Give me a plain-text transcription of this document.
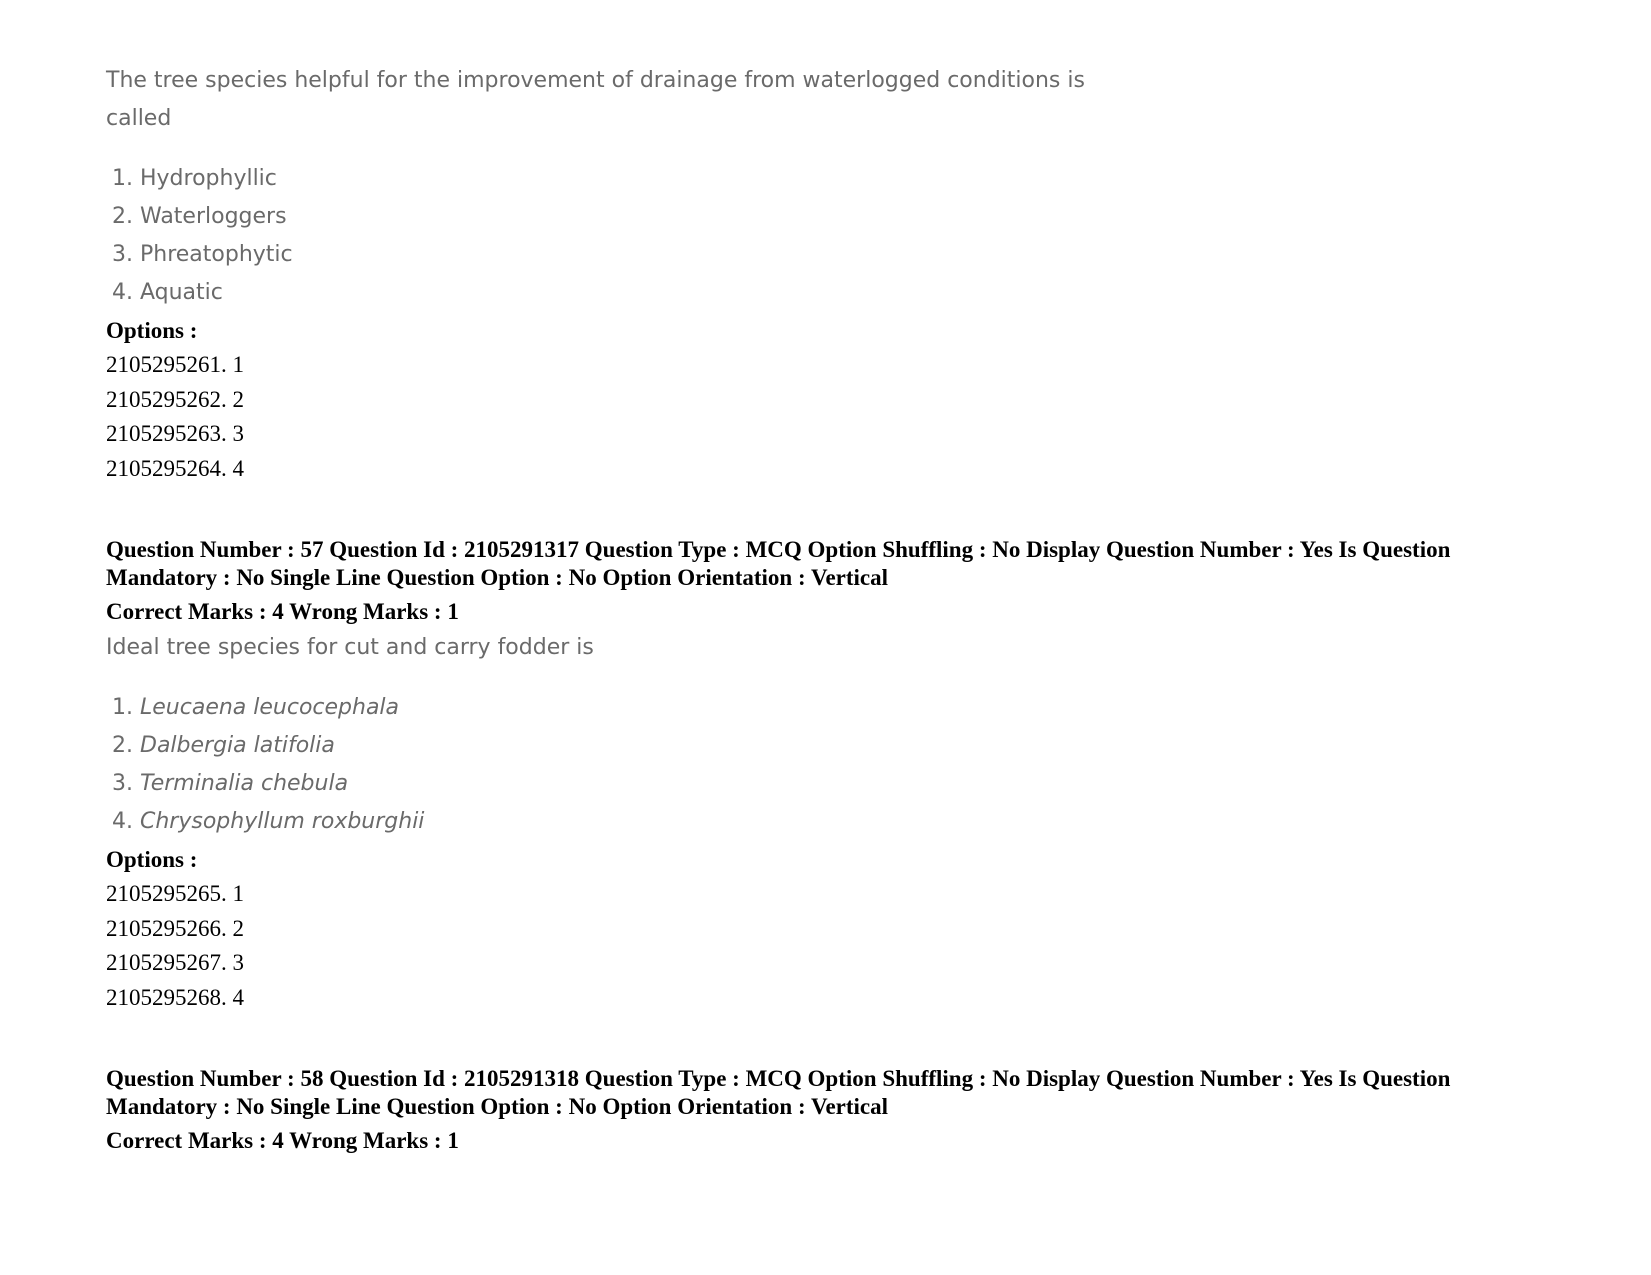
The tree species helpful for the improvement of drainage from waterlogged conditions is called
1. Hydrophyllic
2. Waterloggers
3. Phreatophytic
4. Aquatic
Options :
2105295261. 1
2105295262. 2
2105295263. 3
2105295264. 4
Question Number : 57 Question Id : 2105291317 Question Type : MCQ Option Shuffling : No Display Question Number : Yes Is Question Mandatory : No Single Line Question Option : No Option Orientation : Vertical
Correct Marks : 4 Wrong Marks : 1
Ideal tree species for cut and carry fodder is
1. Leucaena leucocephala
2. Dalbergia latifolia
3. Terminalia chebula
4. Chrysophyllum roxburghii
Options :
2105295265. 1
2105295266. 2
2105295267. 3
2105295268. 4
Question Number : 58 Question Id : 2105291318 Question Type : MCQ Option Shuffling : No Display Question Number : Yes Is Question Mandatory : No Single Line Question Option : No Option Orientation : Vertical
Correct Marks : 4 Wrong Marks : 1
